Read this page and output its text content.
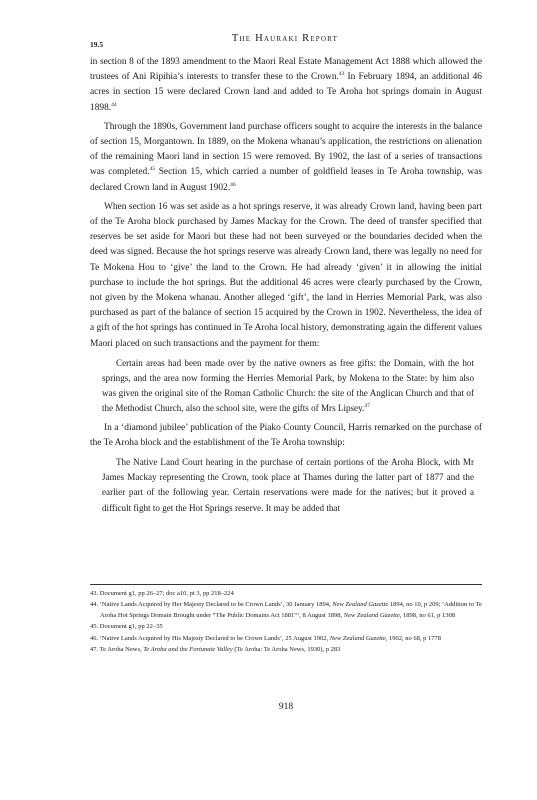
The Hauraki Report
19.5

in section 8 of the 1893 amendment to the Maori Real Estate Management Act 1888 which allowed the trustees of Ani Ripihia’s interests to transfer these to the Crown.$^{43}$ In February 1894, an additional 46 acres in section 15 were declared Crown land and added to Te Aroha hot springs domain in August 1898.44

Through the 1890s, Government land purchase officers sought to acquire the interests in the balance of section 15, Morgantown. In 1889, on the Mokena whanau’s application, the restrictions on alienation of the remaining Maori land in section 15 were removed. By 1902, the last of a series of transactions was completed.$^{45}$ Section 15, which carried a number of goldfield leases in Te Aroha township, was declared Crown land in August 1902.46

When section 16 was set aside as a hot springs reserve, it was already Crown land, having been part of the Te Aroha block purchased by James Mackay for the Crown. The deed of transfer specified that reserves be set aside for Maori but these had not been surveyed or the boundaries decided when the deed was signed. Because the hot springs reserve was already Crown land, there was legally no need for Te Mokena Hou to ‘give’ the land to the Crown. He had already ‘given’ it in allowing the initial purchase to include the hot springs. But the additional 46 acres were clearly purchased by the Crown, not given by the Mokena whanau. Another alleged ‘gift’, the land in Herries Memorial Park, was also purchased as part of the balance of section 15 acquired by the Crown in 1902. Nevertheless, the idea of a gift of the hot springs has continued in Te Aroha local history, demonstrating again the different values Maori placed on such transactions and the payment for them:

Certain areas had been made over by the native owners as free gifts: the Domain, with the hot springs, and the area now forming the Herries Memorial Park, by Mokena to the State: by him also was given the original site of the Roman Catholic Church: the site of the Anglican Church and that of the Methodist Church, also the school site, were the gifts of Mrs Lipsey.$^{47}$

In a ‘diamond jubilee’ publication of the Piako County Council, Harris remarked on the purchase of the Te Aroha block and the establishment of the Te Aroha township:

The Native Land Court hearing in the purchase of certain portions of the Aroha Block, with Mr James Mackay representing the Crown, took place at Thames during the latter part of 1877 and the earlier part of the following year. Certain reservations were made for the natives; but it proved a difficult fight to get the Hot Springs reserve. It may be added that

43. Document g1, pp 26–27; doc a10, pt 3, pp 218–224

44. ‘Native Lands Acquired by Her Majesty Declared to be Crown Lands’, 30 January 1894, New Zealand Gazette 1894, no 10, p 209; ‘Addition to Te Aroha Hot Springs Domain Brought under “The Public Domains Act 1881”’, 8 August 1898, New Zealand Gazette, 1898, no 61, p 1308

45. Document g1, pp 22–35

46. ‘Native Lands Acquired by His Majesty Declared to be Crown Lands’, 25 August 1902, New Zealand Gazette, 1902, no 68, p 1778

47. Te Aroha News, Te Aroha and the Fortunate Valley (Te Aroha: Te Aroha News, 1930), p 283

918
